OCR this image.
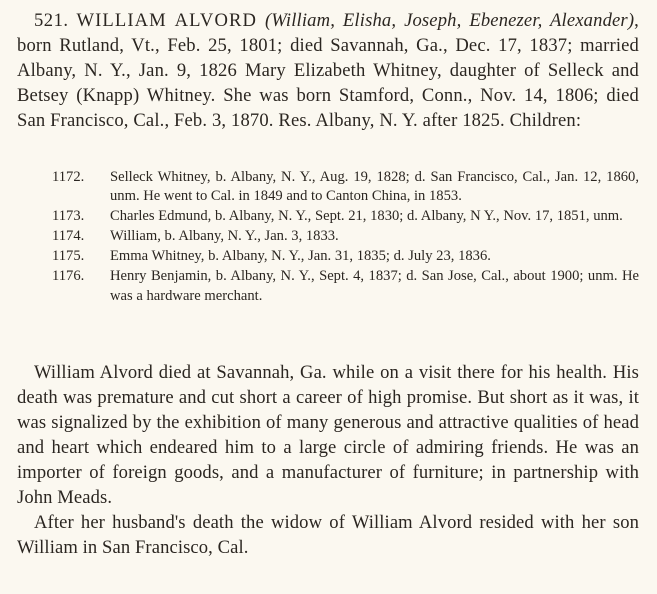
521. WILLIAM ALVORD (William, Elisha, Joseph, Ebenezer, Alexander), born Rutland, Vt., Feb. 25, 1801; died Savannah, Ga., Dec. 17, 1837; married Albany, N. Y., Jan. 9, 1826 Mary Elizabeth Whitney, daughter of Selleck and Betsey (Knapp) Whitney. She was born Stamford, Conn., Nov. 14, 1806; died San Francisco, Cal., Feb. 3, 1870. Res. Albany, N. Y. after 1825. Children:
1172. Selleck Whitney, b. Albany, N. Y., Aug. 19, 1828; d. San Francisco, Cal., Jan. 12, 1860, unm. He went to Cal. in 1849 and to Canton China, in 1853.
1173. Charles Edmund, b. Albany, N. Y., Sept. 21, 1830; d. Albany, N Y., Nov. 17, 1851, unm.
1174. William, b. Albany, N. Y., Jan. 3, 1833.
1175. Emma Whitney, b. Albany, N. Y., Jan. 31, 1835; d. July 23, 1836.
1176. Henry Benjamin, b. Albany, N. Y., Sept. 4, 1837; d. San Jose, Cal., about 1900; unm. He was a hardware merchant.

William Alvord died at Savannah, Ga. while on a visit there for his health. His death was premature and cut short a career of high promise. But short as it was, it was signalized by the exhibition of many generous and attractive qualities of head and heart which endeared him to a large circle of admiring friends. He was an importer of foreign goods, and a manufacturer of furniture; in partnership with John Meads.

After her husband's death the widow of William Alvord resided with her son William in San Francisco, Cal.
